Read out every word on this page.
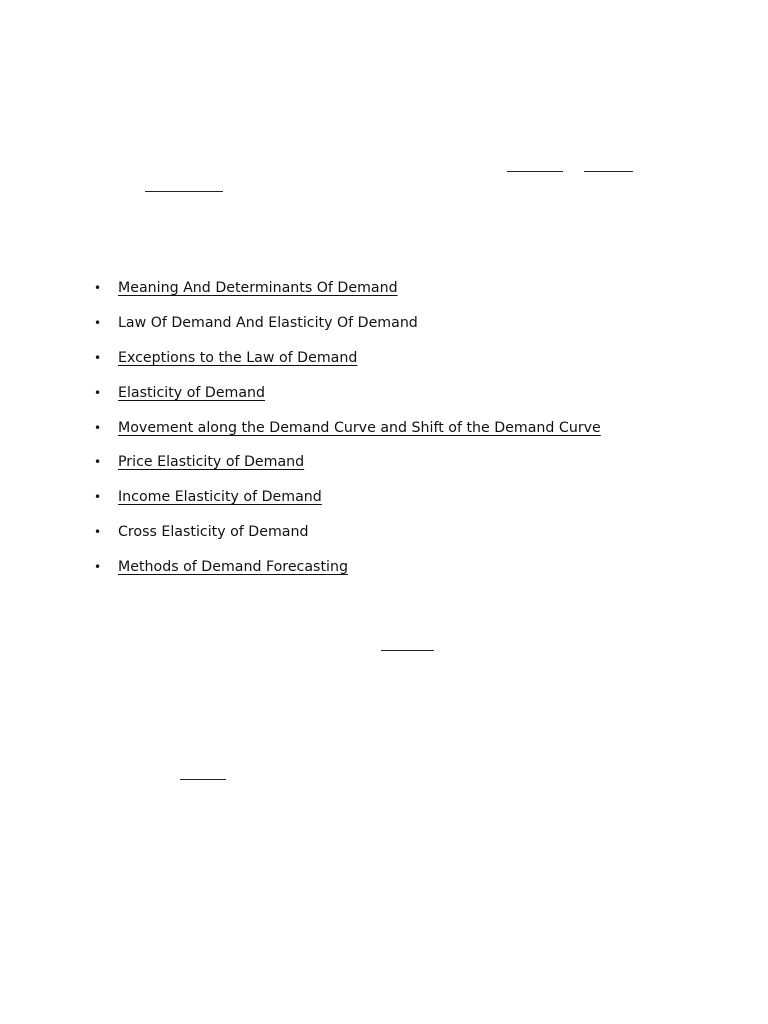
•	Meaning And Determinants Of Demand
•	Law Of Demand And Elasticity Of Demand
•	Exceptions to the Law of Demand
•	Elasticity of Demand
•	Movement along the Demand Curve and Shift of the Demand Curve
•	Price Elasticity of Demand
•	Income Elasticity of Demand
•	Cross Elasticity of Demand
•	Methods of Demand Forecasting
